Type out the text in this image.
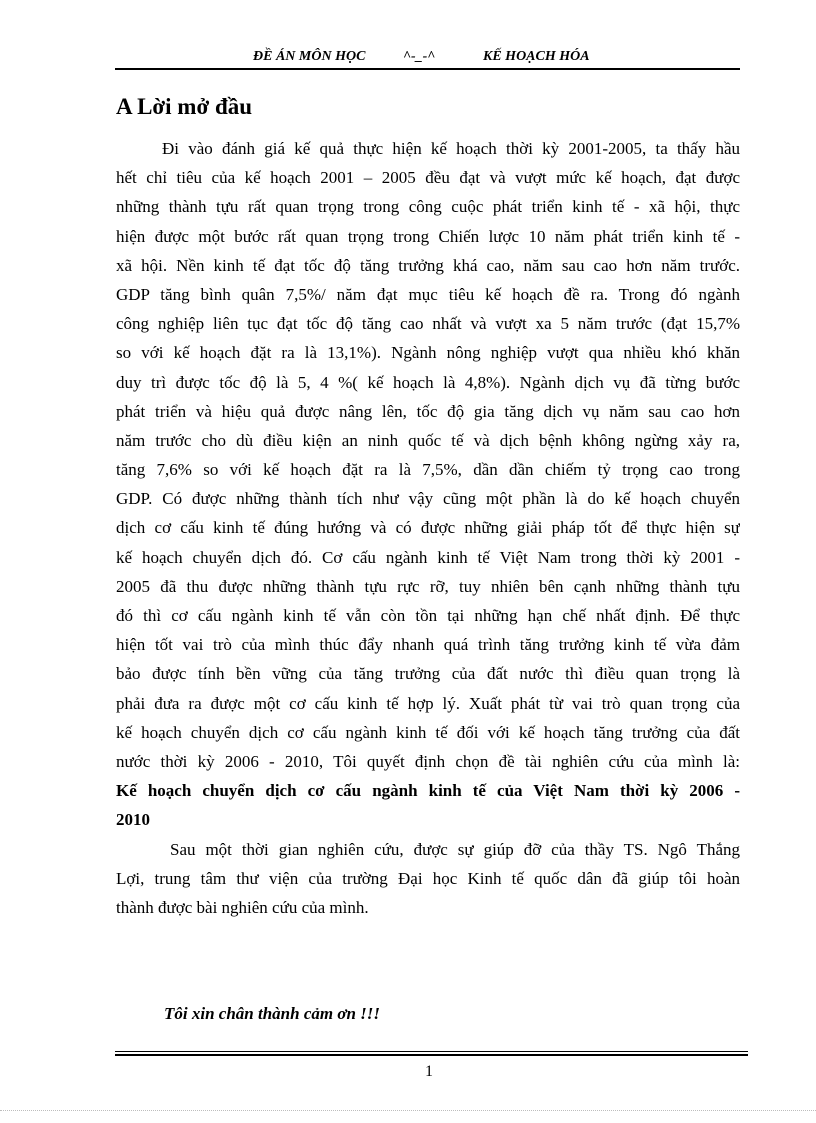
ĐỀ ÁN MÔN HỌC	^-_-^	KẾ HOẠCH HÓA
A Lời mở đầu
Đi vào đánh giá kế quả thực hiện kế hoạch thời kỳ 2001-2005, ta thấy hầu
hết chỉ tiêu của kế hoạch 2001 – 2005 đều đạt và vượt mức kế hoạch, đạt được
những thành tựu rất quan trọng trong công cuộc phát triển kinh tế - xã hội, thực
hiện được một bước rất quan trọng trong Chiến lược 10 năm phát triển kinh tế -
xã hội. Nền kinh tế đạt tốc độ tăng trưởng khá cao, năm sau cao hơn năm trước.
GDP tăng bình quân 7,5%/ năm đạt mục tiêu kế hoạch đề ra. Trong đó ngành
công nghiệp liên tục đạt tốc độ tăng cao nhất và vượt xa 5 năm trước (đạt 15,7%
so với kế hoạch đặt ra là 13,1%). Ngành nông nghiệp vượt qua nhiều khó khăn
duy trì được tốc độ là 5, 4 %( kế hoạch là 4,8%). Ngành dịch vụ đã từng bước
phát triển và hiệu quả được nâng lên, tốc độ gia tăng dịch vụ năm sau cao hơn
năm trước cho dù điều kiện an ninh quốc tế và dịch bệnh không ngừng xảy ra,
tăng 7,6% so với kế hoạch đặt ra là 7,5%, dần dần chiếm tỷ trọng cao trong
GDP. Có được những thành tích như vậy cũng một phần là do kế hoạch chuyển
dịch cơ cấu kinh tế đúng hướng và có được những giải pháp tốt để thực hiện sự
kế hoạch chuyển dịch đó. Cơ cấu ngành kinh tế Việt Nam trong thời kỳ 2001 -
2005 đã thu được những thành tựu rực rỡ, tuy nhiên bên cạnh những thành tựu
đó thì cơ cấu ngành kinh tế vẫn còn tồn tại những hạn chế nhất định. Để thực
hiện tốt vai trò của mình thúc đẩy nhanh quá trình tăng trưởng kinh tế vừa đảm
bảo được tính bền vững của tăng trưởng của đất nước thì điều quan trọng là
phải đưa ra được một cơ cấu kinh tế hợp lý. Xuất phát từ vai trò quan trọng của
kế hoạch chuyển dịch cơ cấu ngành kinh tế đối với kế hoạch tăng trưởng của đất
nước thời kỳ 2006 - 2010, Tôi quyết định chọn đề tài nghiên cứu của mình là:
Kế hoạch chuyển dịch cơ cấu ngành kinh tế của Việt Nam thời kỳ 2006 -
2010
Sau một thời gian nghiên cứu, được sự giúp đỡ của thầy TS. Ngô Thắng
Lợi, trung tâm thư viện của trường Đại học Kinh tế quốc dân đã giúp tôi hoàn
thành được bài nghiên cứu của mình.
Tôi xin chân thành cảm ơn !!!
1
